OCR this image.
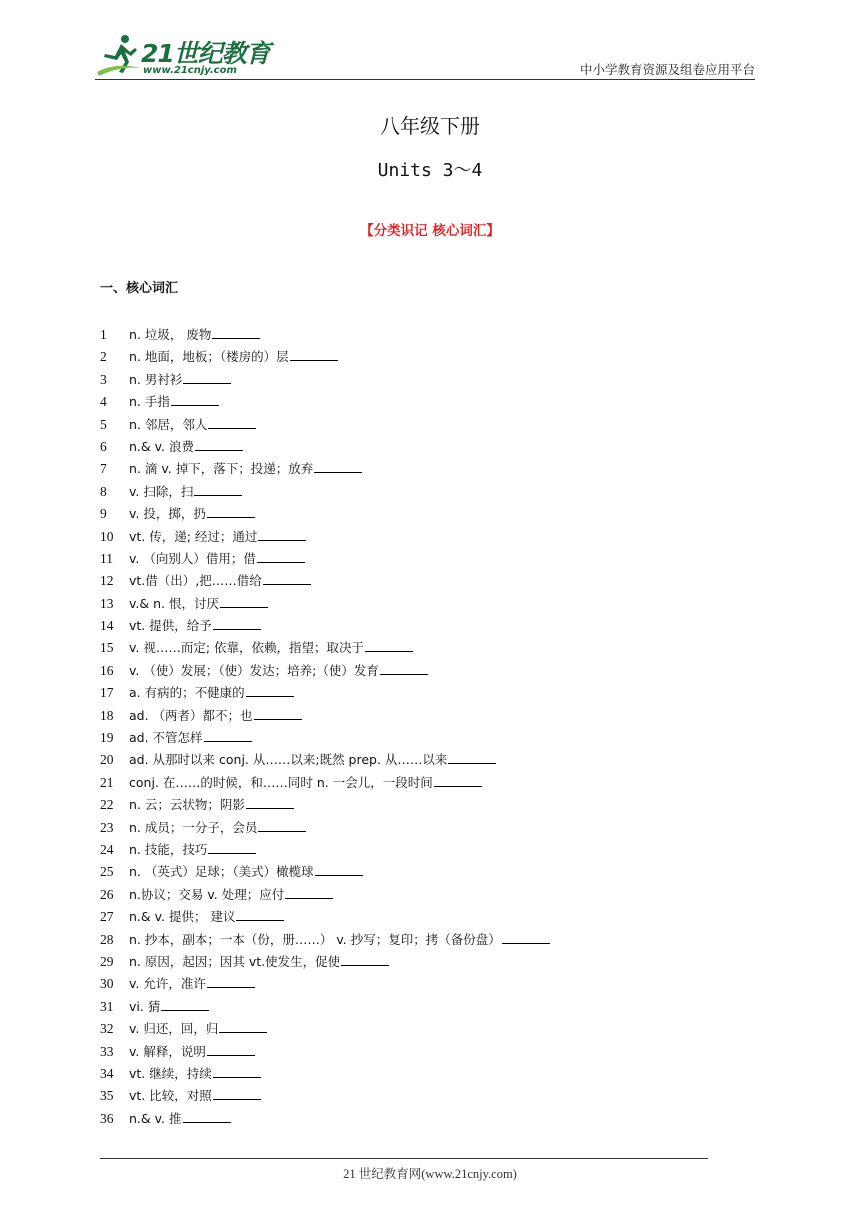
21世纪教育
www.21cnjy.com	中小学教育资源及组卷应用平台
八年级下册
Units 3～4
【分类识记 核心词汇】
一、核心词汇
1	n. 垃圾， 废物
2	n. 地面，地板；（楼房的）层
3	n. 男衬衫
4	n. 手指
5	n. 邻居，邻人
6	n.& v. 浪费
7	n. 滴 v. 掉下，落下；投递；放弃
8	v. 扫除，扫
9	v. 投，掷，扔
10	vt. 传，递; 经过；通过
11	v. （向别人）借用；借
12	vt.借（出）,把……借给
13	v.& n. 恨，讨厌
14	vt. 提供，给予
15	v. 视……而定; 依靠，依赖，指望；取决于
16	v. （使）发展；（使）发达；培养;（使）发育
17	a. 有病的；不健康的
18	ad. （两者）都不；也
19	ad. 不管怎样
20	ad. 从那时以来 conj. 从……以来;既然 prep. 从……以来
21	conj. 在……的时候，和……同时 n. 一会儿，一段时间
22	n. 云；云状物；阴影
23	n. 成员；一分子，会员
24	n. 技能，技巧
25	n. （英式）足球；（美式）橄榄球
26	n.协议；交易 v. 处理；应付
27	n.& v. 提供； 建议
28	n. 抄本，副本；一本（份，册……） v. 抄写；复印；拷（备份盘）
29	n. 原因，起因；因其 vt.使发生，促使
30	v. 允许，准许
31	vi. 猜
32	v. 归还，回，归
33	v. 解释，说明
34	vt. 继续，持续
35	vt. 比较，对照
36	n.& v. 推
21 世纪教育网(www.21cnjy.com)
